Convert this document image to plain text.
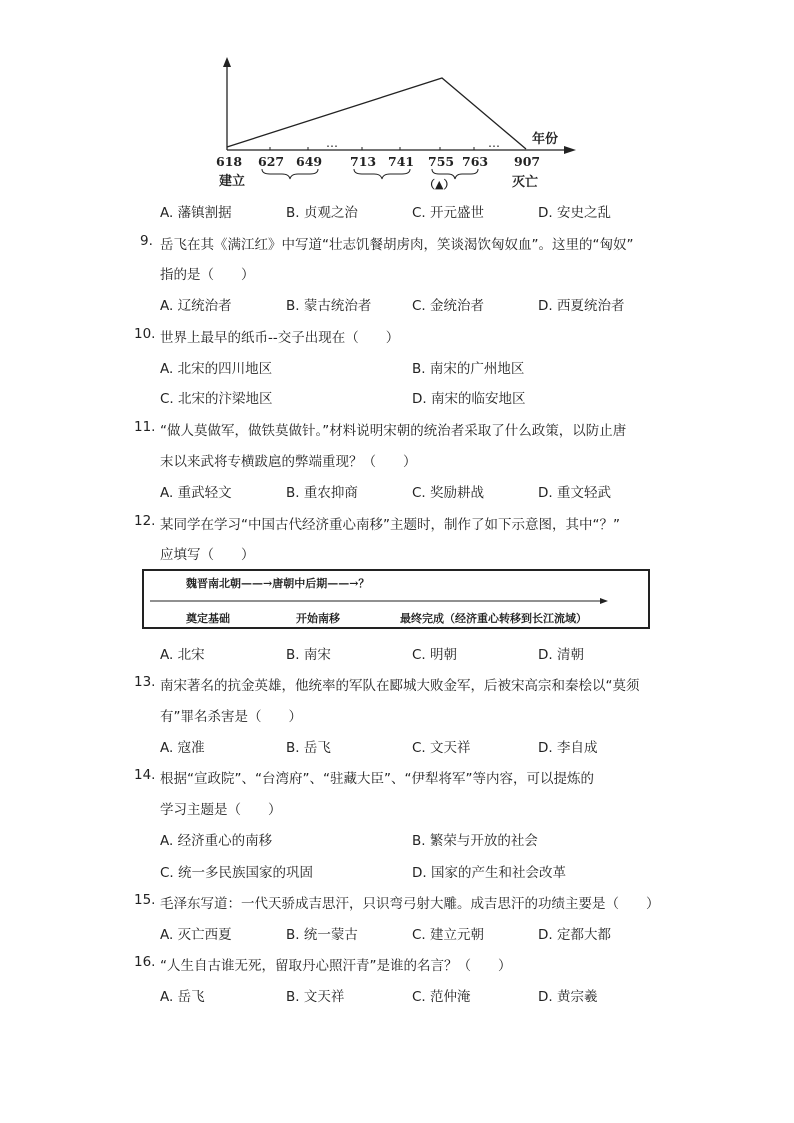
…	… 年份
618 627 649 713 741 755 763 907
建立	（▲）	灭亡
A. 藩镇割据	B. 贞观之治	C. 开元盛世	D. 安史之乱
9. 岳飞在其《满江红》中写道“壮志饥餐胡虏肉，笑谈渴饮匈奴血”。这里的“匈奴”
指的是（　　）
A. 辽统治者	B. 蒙古统治者	C. 金统治者	D. 西夏统治者
10. 世界上最早的纸币--交子出现在（　　）
A. 北宋的四川地区	B. 南宋的广州地区
C. 北宋的汴梁地区	D. 南宋的临安地区
11. “做人莫做军，做铁莫做针。”材料说明宋朝的统治者采取了什么政策，以防止唐
末以来武将专横跋扈的弊端重现？（　　）
A. 重武轻文	B. 重农抑商	C. 奖励耕战	D. 重文轻武
12. 某同学在学习“中国古代经济重心南移”主题时，制作了如下示意图，其中“？”
应填写（　　）
魏晋南北朝——→唐朝中后期——→？
奠定基础	开始南移	最终完成（经济重心转移到长江流域）
A. 北宋	B. 南宋	C. 明朝	D. 清朝
13. 南宋著名的抗金英雄，他统率的军队在郾城大败金军，后被宋高宗和秦桧以“莫须
有”罪名杀害是（　　）
A. 寇准	B. 岳飞	C. 文天祥	D. 李自成
14. 根据“宣政院”、“台湾府”、“驻藏大臣”、“伊犁将军”等内容，可以提炼的
学习主题是（　　）
A. 经济重心的南移	B. 繁荣与开放的社会
C. 统一多民族国家的巩固	D. 国家的产生和社会改革
15. 毛泽东写道：一代天骄成吉思汗，只识弯弓射大雕。成吉思汗的功绩主要是（　　）
A. 灭亡西夏	B. 统一蒙古	C. 建立元朝	D. 定都大都
16. “人生自古谁无死，留取丹心照汗青”是谁的名言？（　　）
A. 岳飞	B. 文天祥	C. 范仲淹	D. 黄宗羲
